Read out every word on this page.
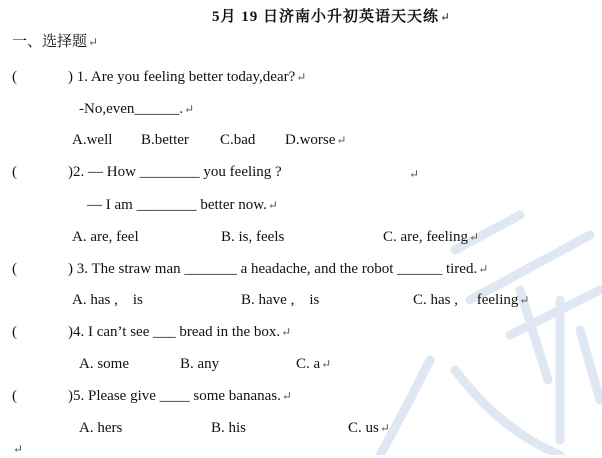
5月 19 日济南小升初英语天天练↵
一、选择题↵
(	) 1. Are you feeling better today,dear?↵
-No,even______.↵
A.well B.better C.bad D.worse↵
(	)2. — How ________ you feeling ?	↵
— I am ________ better now.↵
A. are, feel	B. is, feels	C. are, feeling↵
(	) 3. The straw man _______ a headache, and the robot ______ tired.↵
A. has ,    is	B. have ,    is	C. has ,     feeling↵
(	)4. I can’t see ___ bread in the box.↵
A. some	B. any	C. a↵
(	)5. Please give ____ some bananas.↵
A. hers	B. his	C. us↵
↵
